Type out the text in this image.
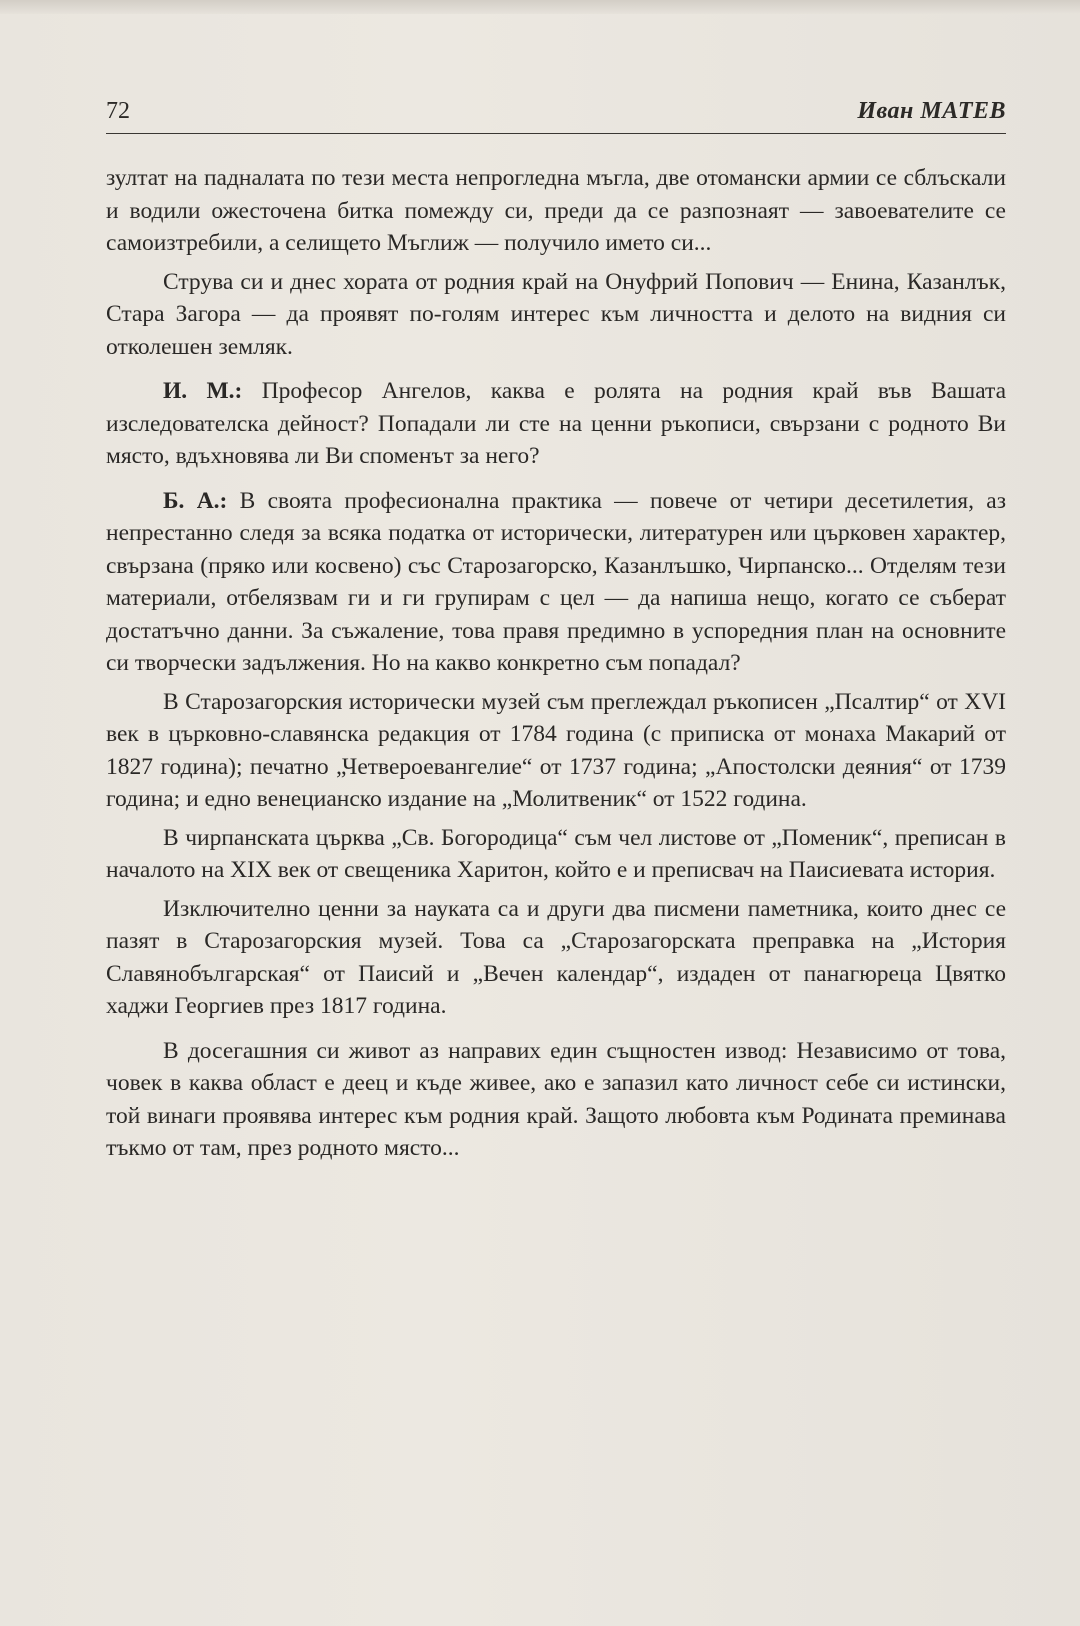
72	Иван МАТЕВ

зултат на падналата по тези места непрогледна мъгла, две отомански армии се сблъскали и водили ожесточена битка помежду си, преди да се разпознаят — завоевателите се самоизтребили, а селището Мъглиж — получило името си...

Струва си и днес хората от родния край на Онуфрий Попович — Енина, Казанлък, Стара Загора — да проявят по-голям интерес към личността и делото на видния си отколешен земляк.

И. М.: Професор Ангелов, каква е ролята на родния край във Вашата изследователска дейност? Попадали ли сте на ценни ръкописи, свързани с родното Ви място, вдъхновява ли Ви споменът за него?

Б. А.: В своята професионална практика — повече от четири десетилетия, аз непрестанно следя за всяка податка от исторически, литературен или църковен характер, свързана (пряко или косвено) със Старозагорско, Казанлъшко, Чирпанско... Отделям тези материали, отбелязвам ги и ги групирам с цел — да напиша нещо, когато се съберат достатъчно данни. За съжаление, това правя предимно в успоредния план на основните си творчески задължения. Но на какво конкретно съм попадал?

В Старозагорския исторически музей съм преглеждал ръкописен „Псалтир“ от XVI век в църковно-славянска редакция от 1784 година (с приписка от монаха Макарий от 1827 година); печатно „Четвероевангелие“ от 1737 година; „Апостолски деяния“ от 1739 година; и едно венецианско издание на „Молитвеник“ от 1522 година.

В чирпанската църква „Св. Богородица“ съм чел листове от „Поменик“, преписан в началото на XIX век от свещеника Харитон, който е и преписвач на Паисиевата история.

Изключително ценни за науката са и други два писмени паметника, които днес се пазят в Старозагорския музей. Това са „Старозагорската преправка на „История Славянобългарская“ от Паисий и „Вечен календар“, издаден от панагюреца Цвятко хаджи Георгиев през 1817 година.

В досегашния си живот аз направих един същностен извод: Независимо от това, човек в каква област е деец и къде живее, ако е запазил като личност себе си истински, той винаги проявява интерес към родния край. Защото любовта към Родината преминава тъкмо от там, през родното място...
